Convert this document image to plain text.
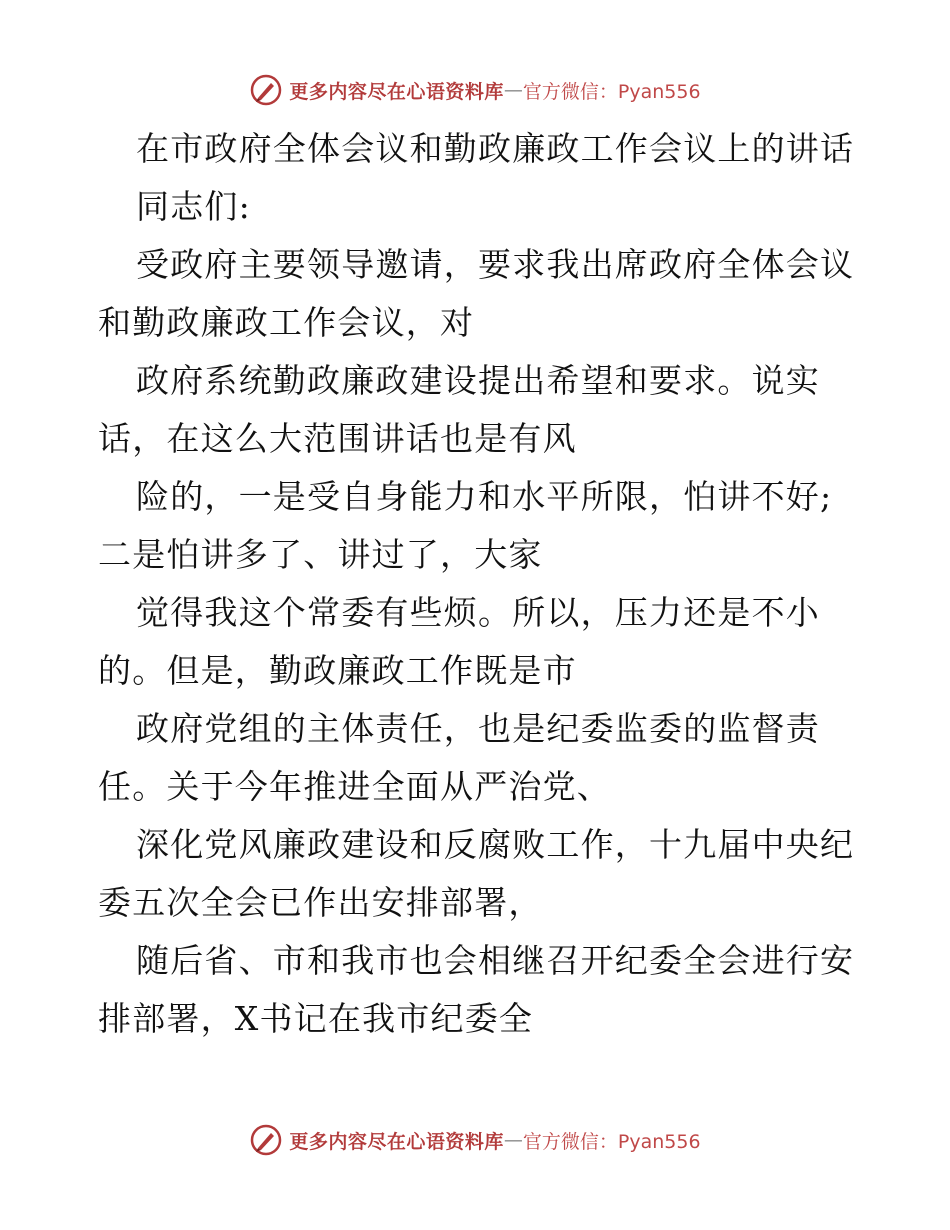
更多内容尽在心语资料库 — 官方微信：Pyan556
在市政府全体会议和勤政廉政工作会议上的讲话
同志们:
受政府主要领导邀请，要求我出席政府全体会议
和勤政廉政工作会议，对
政府系统勤政廉政建设提出希望和要求。说实
话，在这么大范围讲话也是有风
险的，一是受自身能力和水平所限，怕讲不好;
二是怕讲多了、讲过了，大家
觉得我这个常委有些烦。所以，压力还是不小
的。但是，勤政廉政工作既是市
政府党组的主体责任，也是纪委监委的监督责
任。关于今年推进全面从严治党、
深化党风廉政建设和反腐败工作，十九届中央纪
委五次全会已作出安排部署，
随后省、市和我市也会相继召开纪委全会进行安
排部署，X书记在我市纪委全
更多内容尽在心语资料库 — 官方微信：Pyan556
